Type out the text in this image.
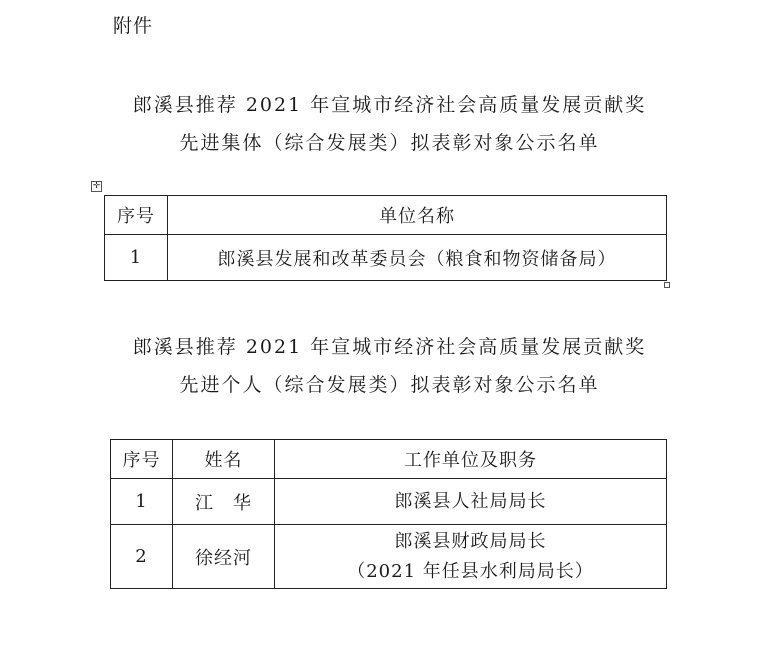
附件
郎溪县推荐 2021 年宣城市经济社会高质量发展贡献奖
先进集体（综合发展类）拟表彰对象公示名单
✛
序号	单位名称
1	郎溪县发展和改革委员会（粮食和物资储备局）
郎溪县推荐 2021 年宣城市经济社会高质量发展贡献奖
先进个人（综合发展类）拟表彰对象公示名单
序号	姓名	工作单位及职务
1	江　华	郎溪县人社局局长

2	徐经河	郎溪县财政局局长
（2021 年任县水利局局长）
